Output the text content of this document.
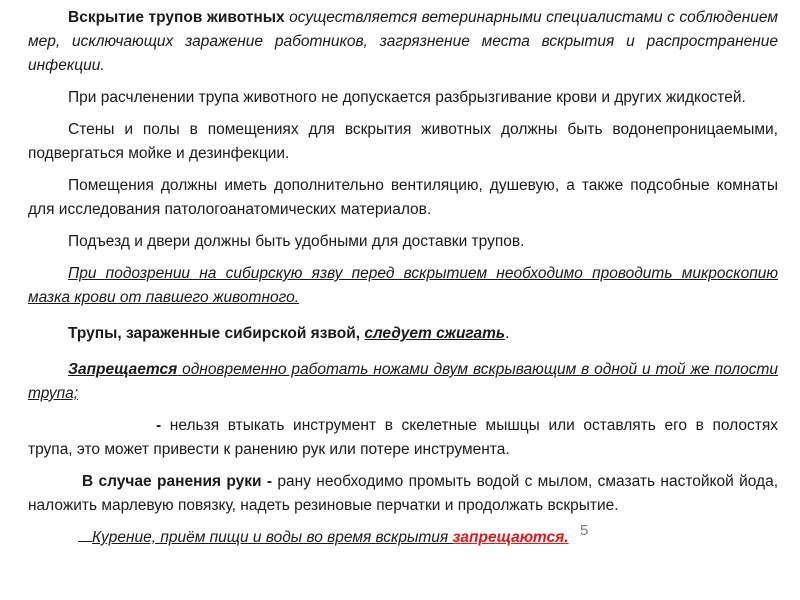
Вскрытие трупов животных осуществляется ветеринарными специалистами с соблюдением мер, исключающих заражение работников, загрязнение места вскрытия и распространение инфекции.

При расчленении трупа животного не допускается разбрызгивание крови и других жидкостей.

Стены и полы в помещениях для вскрытия животных должны быть водонепроницаемыми, подвергаться мойке и дезинфекции.

Помещения должны иметь дополнительно вентиляцию, душевую, а также подсобные комнаты для исследования патологоанатомических материалов.

Подъезд и двери должны быть удобными для доставки трупов.

При подозрении на сибирскую язву перед вскрытием необходимо проводить микроскопию мазка крови от павшего животного.

Трупы, зараженные сибирской язвой, следует сжигать.

Запрещается одновременно работать ножами двум вскрывающим в одной и той же полости трупа;

- нельзя втыкать инструмент в скелетные мышцы или оставлять его в полостях трупа, это может привести к ранению рук или потере инструмента.

В случае ранения руки - рану необходимо промыть водой с мылом, смазать настойкой йода, наложить марлевую повязку, надеть резиновые перчатки и продолжать вскрытие.

Курение, приём пищи и воды во время вскрытия запрещаются. 5
